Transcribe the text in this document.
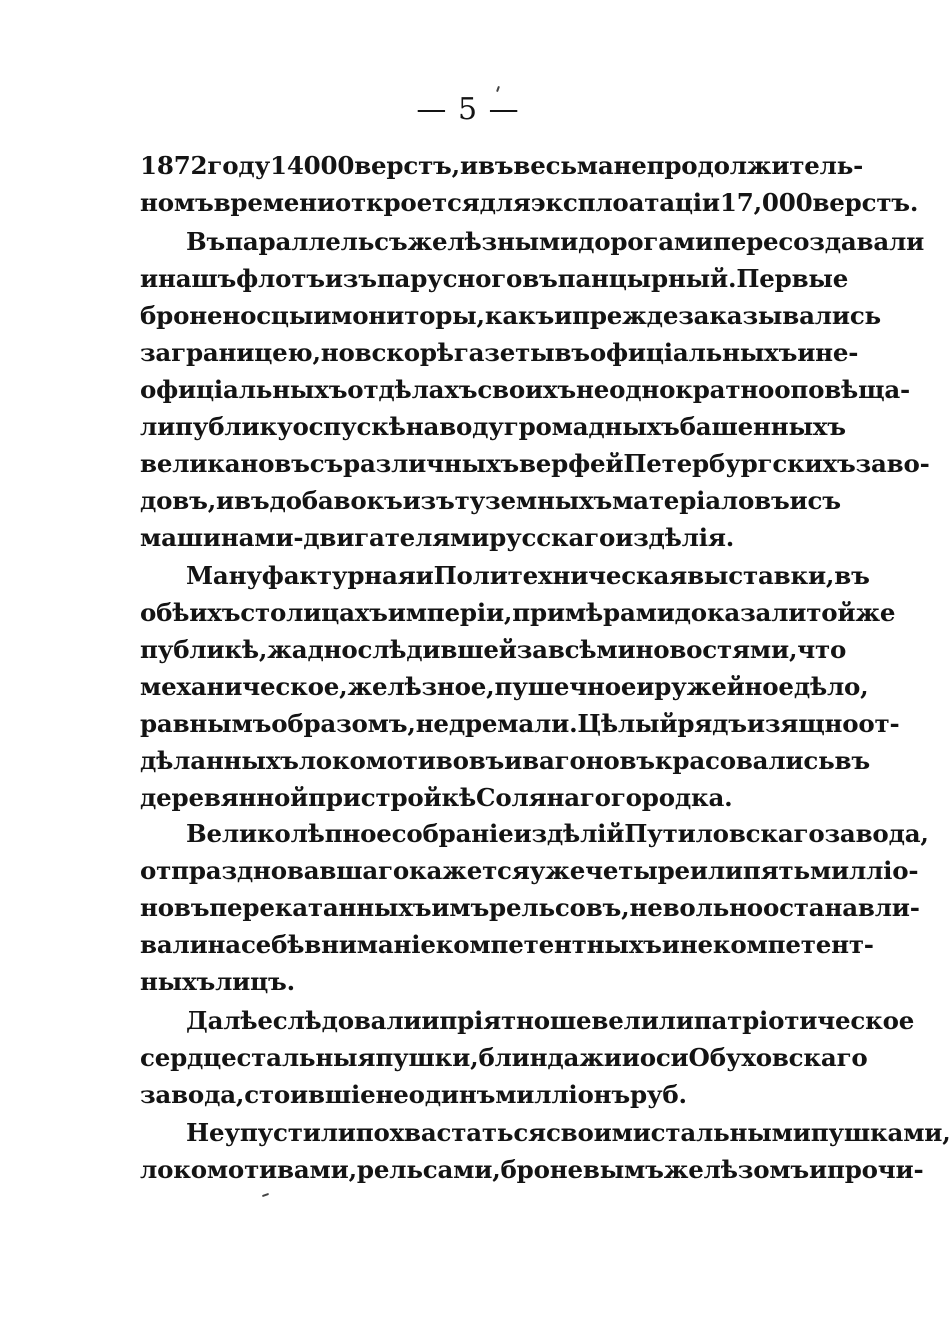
— 5 —
1872 году 14000 верстъ, и въ весьма непродолжитель-
номъ времени откроется для эксплоатаціи 17,000 верстъ.
Въ параллель съ желѣзными дорогами пересоздавали
и нашъ флотъ изъ парусного въ панцырный. Первые
броненосцы и мониторы, какъ и прежде заказывались
за границею, но вскорѣ газеты въ офиціальныхъ и не-
офиціальныхъ отдѣлахъ своихъ неоднократно оповѣща-
ли публику о спускѣ на воду громадныхъ башенныхъ
великановъ съ различныхъ верфей Петербургскихъ заво-
довъ, и въ добавокъ изъ туземныхъ матеріаловъ и съ
машинами-двигателями русскаго издѣлія.
Мануфактурная и Политехническая выставки, въ
обѣихъ столицахъ имперіи, примѣрами доказали той же
публикѣ, жадно слѣдившей за всѣми новостями, что
механическое, желѣзное, пушечное и ружейное дѣло,
равнымъ образомъ, не дремали. Цѣлый рядъ изящно от-
дѣланныхъ локомотивовъ и вагоновъ красовались въ
деревянной пристройкѣ Солянаго городка.
Великолѣпное собраніе издѣлій Путиловскаго завода,
отпраздновавшаго кажется уже четыре или пять милліо-
новъ перекатанныхъ имъ рельсовъ, невольно останавли-
вали на себѣ вниманіе компетентныхъ и не компетент-
ныхъ лицъ.
Далѣе слѣдовали и пріятно шевелили патріотическое
сердце стальныя пушки, блиндажи и оси Обуховскаго
завода, стоившіе не одинъ милліонъ руб.
Не упустили похвастаться своими стальными пушками,
локомотивами, рельсами, броневымъ желѣзомъ и прочи-
